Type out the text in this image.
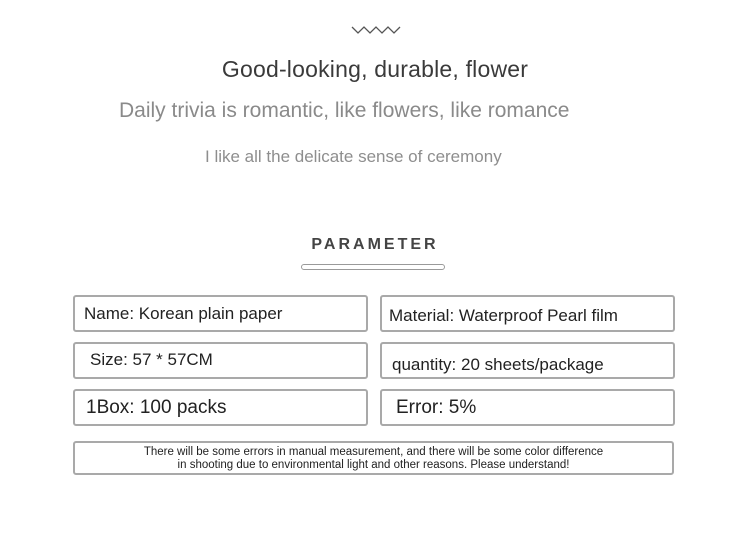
Good-looking, durable, flower
Daily trivia is romantic, like flowers, like romance
I like all the delicate sense of ceremony
PARAMETER
Name: Korean plain paper	Material: Waterproof Pearl film
Size: 57 * 57CM	quantity: 20 sheets/package
1Box: 100 packs	Error: 5%
There will be some errors in manual measurement, and there will be some color difference
in shooting due to environmental light and other reasons. Please understand!
